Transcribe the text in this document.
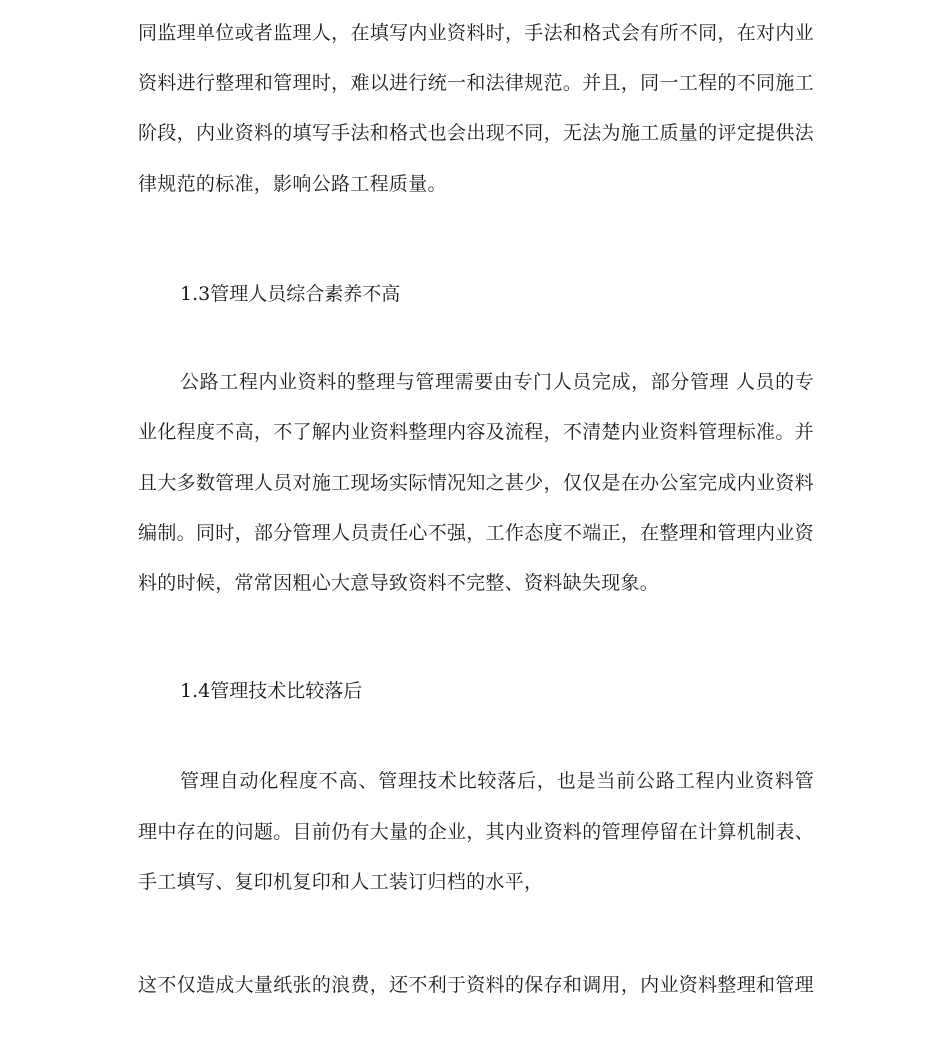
同监理单位或者监理人，在填写内业资料时，手法和格式会有所不同，在对内业
资料进行整理和管理时，难以进行统一和法律规范。并且，同一工程的不同施工
阶段，内业资料的填写手法和格式也会出现不同，无法为施工质量的评定提供法
律规范的标准，影响公路工程质量。
1.3管理人员综合素养不高
公路工程内业资料的整理与管理需要由专门人员完成，部分管理 人员的专
业化程度不高，不了解内业资料整理内容及流程，不清楚内业资料管理标准。并
且大多数管理人员对施工现场实际情况知之甚少，仅仅是在办公室完成内业资料
编制。同时，部分管理人员责任心不强，工作态度不端正，在整理和管理内业资
料的时候，常常因粗心大意导致资料不完整、资料缺失现象。
1.4管理技术比较落后
管理自动化程度不高、管理技术比较落后，也是当前公路工程内业资料管
理中存在的问题。目前仍有大量的企业，其内业资料的管理停留在计算机制表、
手工填写、复印机复印和人工装订归档的水平，
这不仅造成大量纸张的浪费，还不利于资料的保存和调用，内业资料整理和管理
